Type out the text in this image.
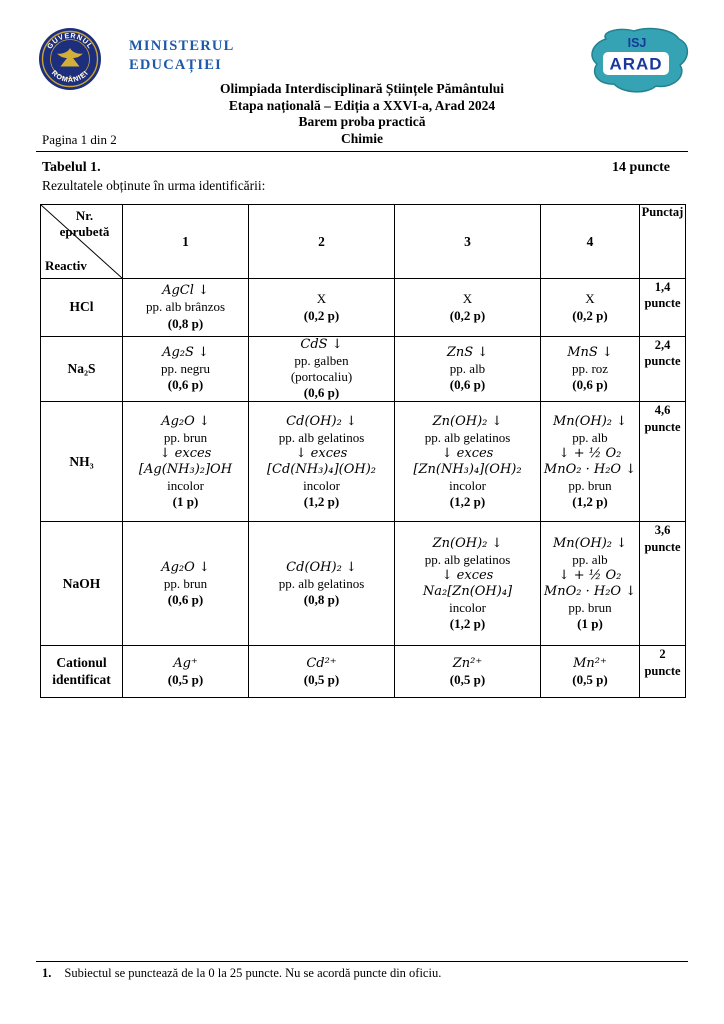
GUVERNUL
ROMÂNIEI
MINISTERUL
EDUCAȚIEI
ISJ
ARAD
Olimpiada Interdisciplinară Științele Pământului
Etapa națională – Ediția a XXVI-a, Arad 2024
Barem proba practică
Chimie
Pagina 1 din 2
Tabelul 1.	14 puncte
Rezultatele obținute în urma identificării:
Nr.
eprubetă
Reactiv	1	2	3	4	Punctaj
HCl	
AgCl ↓
pp. alb brânzos
(0,8 p)

X
(0,2 p)

X
(0,2 p)

X
(0,2 p)

1,4
puncte

Na₂S	
Ag₂S ↓
pp. negru
(0,6 p)

CdS ↓
pp. galben
(portocaliu)
(0,6 p)

ZnS ↓
pp. alb
(0,6 p)

MnS ↓
pp. roz
(0,6 p)

2,4
puncte

NH₃	
Ag₂O ↓
pp. brun
↓ exces
[Ag(NH₃)₂]OH
incolor
(1 p)

Cd(OH)₂ ↓
pp. alb gelatinos
↓ exces
[Cd(NH₃)₄](OH)₂
incolor
(1,2 p)

Zn(OH)₂ ↓
pp. alb gelatinos
↓ exces
[Zn(NH₃)₄](OH)₂
incolor
(1,2 p)

Mn(OH)₂ ↓
pp. alb
↓ + ½ O₂
MnO₂ · H₂O ↓
pp. brun
(1,2 p)

4,6
puncte

NaOH	
Ag₂O ↓
pp. brun
(0,6 p)

Cd(OH)₂ ↓
pp. alb gelatinos
(0,8 p)

Zn(OH)₂ ↓
pp. alb gelatinos
↓ exces
Na₂[Zn(OH)₄]
incolor
(1,2 p)

Mn(OH)₂ ↓
pp. alb
↓ + ½ O₂
MnO₂ · H₂O ↓
pp. brun
(1 p)

3,6
puncte

Cationul
identificat	
Ag⁺
(0,5 p)

Cd²⁺
(0,5 p)

Zn²⁺
(0,5 p)

Mn²⁺
(0,5 p)

2
puncte
1. Subiectul se punctează de la 0 la 25 puncte. Nu se acordă puncte din oficiu.
